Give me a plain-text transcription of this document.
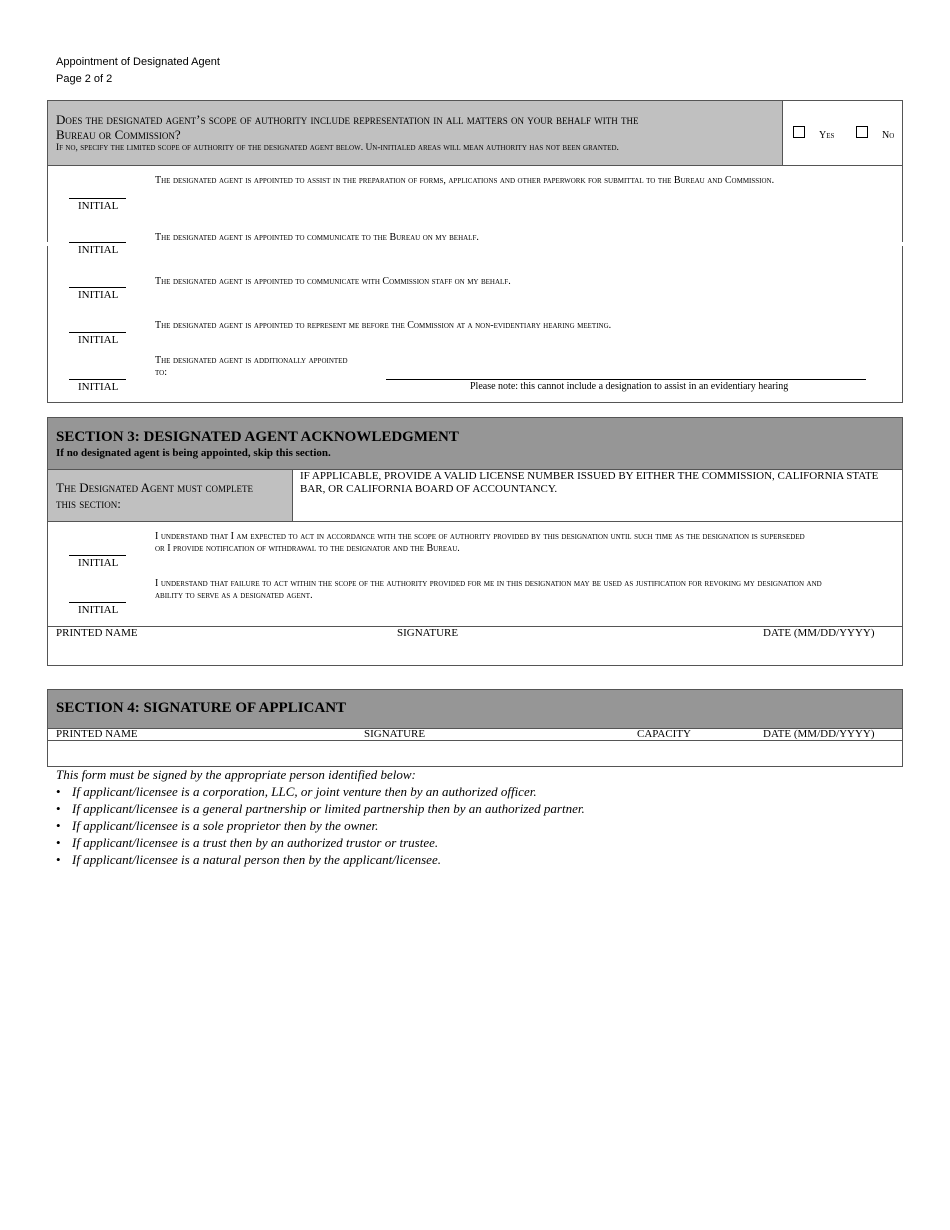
Appointment of Designated Agent
Page 2 of 2
Does the designated agent’s scope of authority include representation in all matters on your behalf with the
Bureau or Commission?
If no, specify the limited scope of authority of the designated agent below. Un-initialed areas will mean authority has not been granted.
Yes	No
The designated agent is appointed to assist in the preparation of forms, applications and other paperwork for submittal to the Bureau and Commission.
INITIAL
The designated agent is appointed to communicate to the Bureau on my behalf.
INITIAL
The designated agent is appointed to communicate with Commission staff on my behalf.
INITIAL
The designated agent is appointed to represent me before the Commission at a non-evidentiary hearing meeting.
INITIAL
The designated agent is additionally appointed to:
INITIAL	Please note: this cannot include a designation to assist in an evidentiary hearing
SECTION 3: DESIGNATED AGENT ACKNOWLEDGMENT
If no designated agent is being appointed, skip this section.
The Designated Agent must complete this section:
IF APPLICABLE, PROVIDE A VALID LICENSE NUMBER ISSUED BY EITHER THE COMMISSION, CALIFORNIA STATE BAR, OR CALIFORNIA BOARD OF ACCOUNTANCY.
I understand that I am expected to act in accordance with the scope of authority provided by this designation until such time as the designation is superseded or I provide notification of withdrawal to the designator and the Bureau.
INITIAL
I understand that failure to act within the scope of the authority provided for me in this designation may be used as justification for revoking my designation and ability to serve as a designated agent.
INITIAL
PRINTED NAME	SIGNATURE	DATE (MM/DD/YYYY)
SECTION 4: SIGNATURE OF APPLICANT
PRINTED NAME	SIGNATURE	CAPACITY	DATE (MM/DD/YYYY)
This form must be signed by the appropriate person identified below:
• If applicant/licensee is a corporation, LLC, or joint venture then by an authorized officer.
• If applicant/licensee is a general partnership or limited partnership then by an authorized partner.
• If applicant/licensee is a sole proprietor then by the owner.
• If applicant/licensee is a trust then by an authorized trustor or trustee.
• If applicant/licensee is a natural person then by the applicant/licensee.
